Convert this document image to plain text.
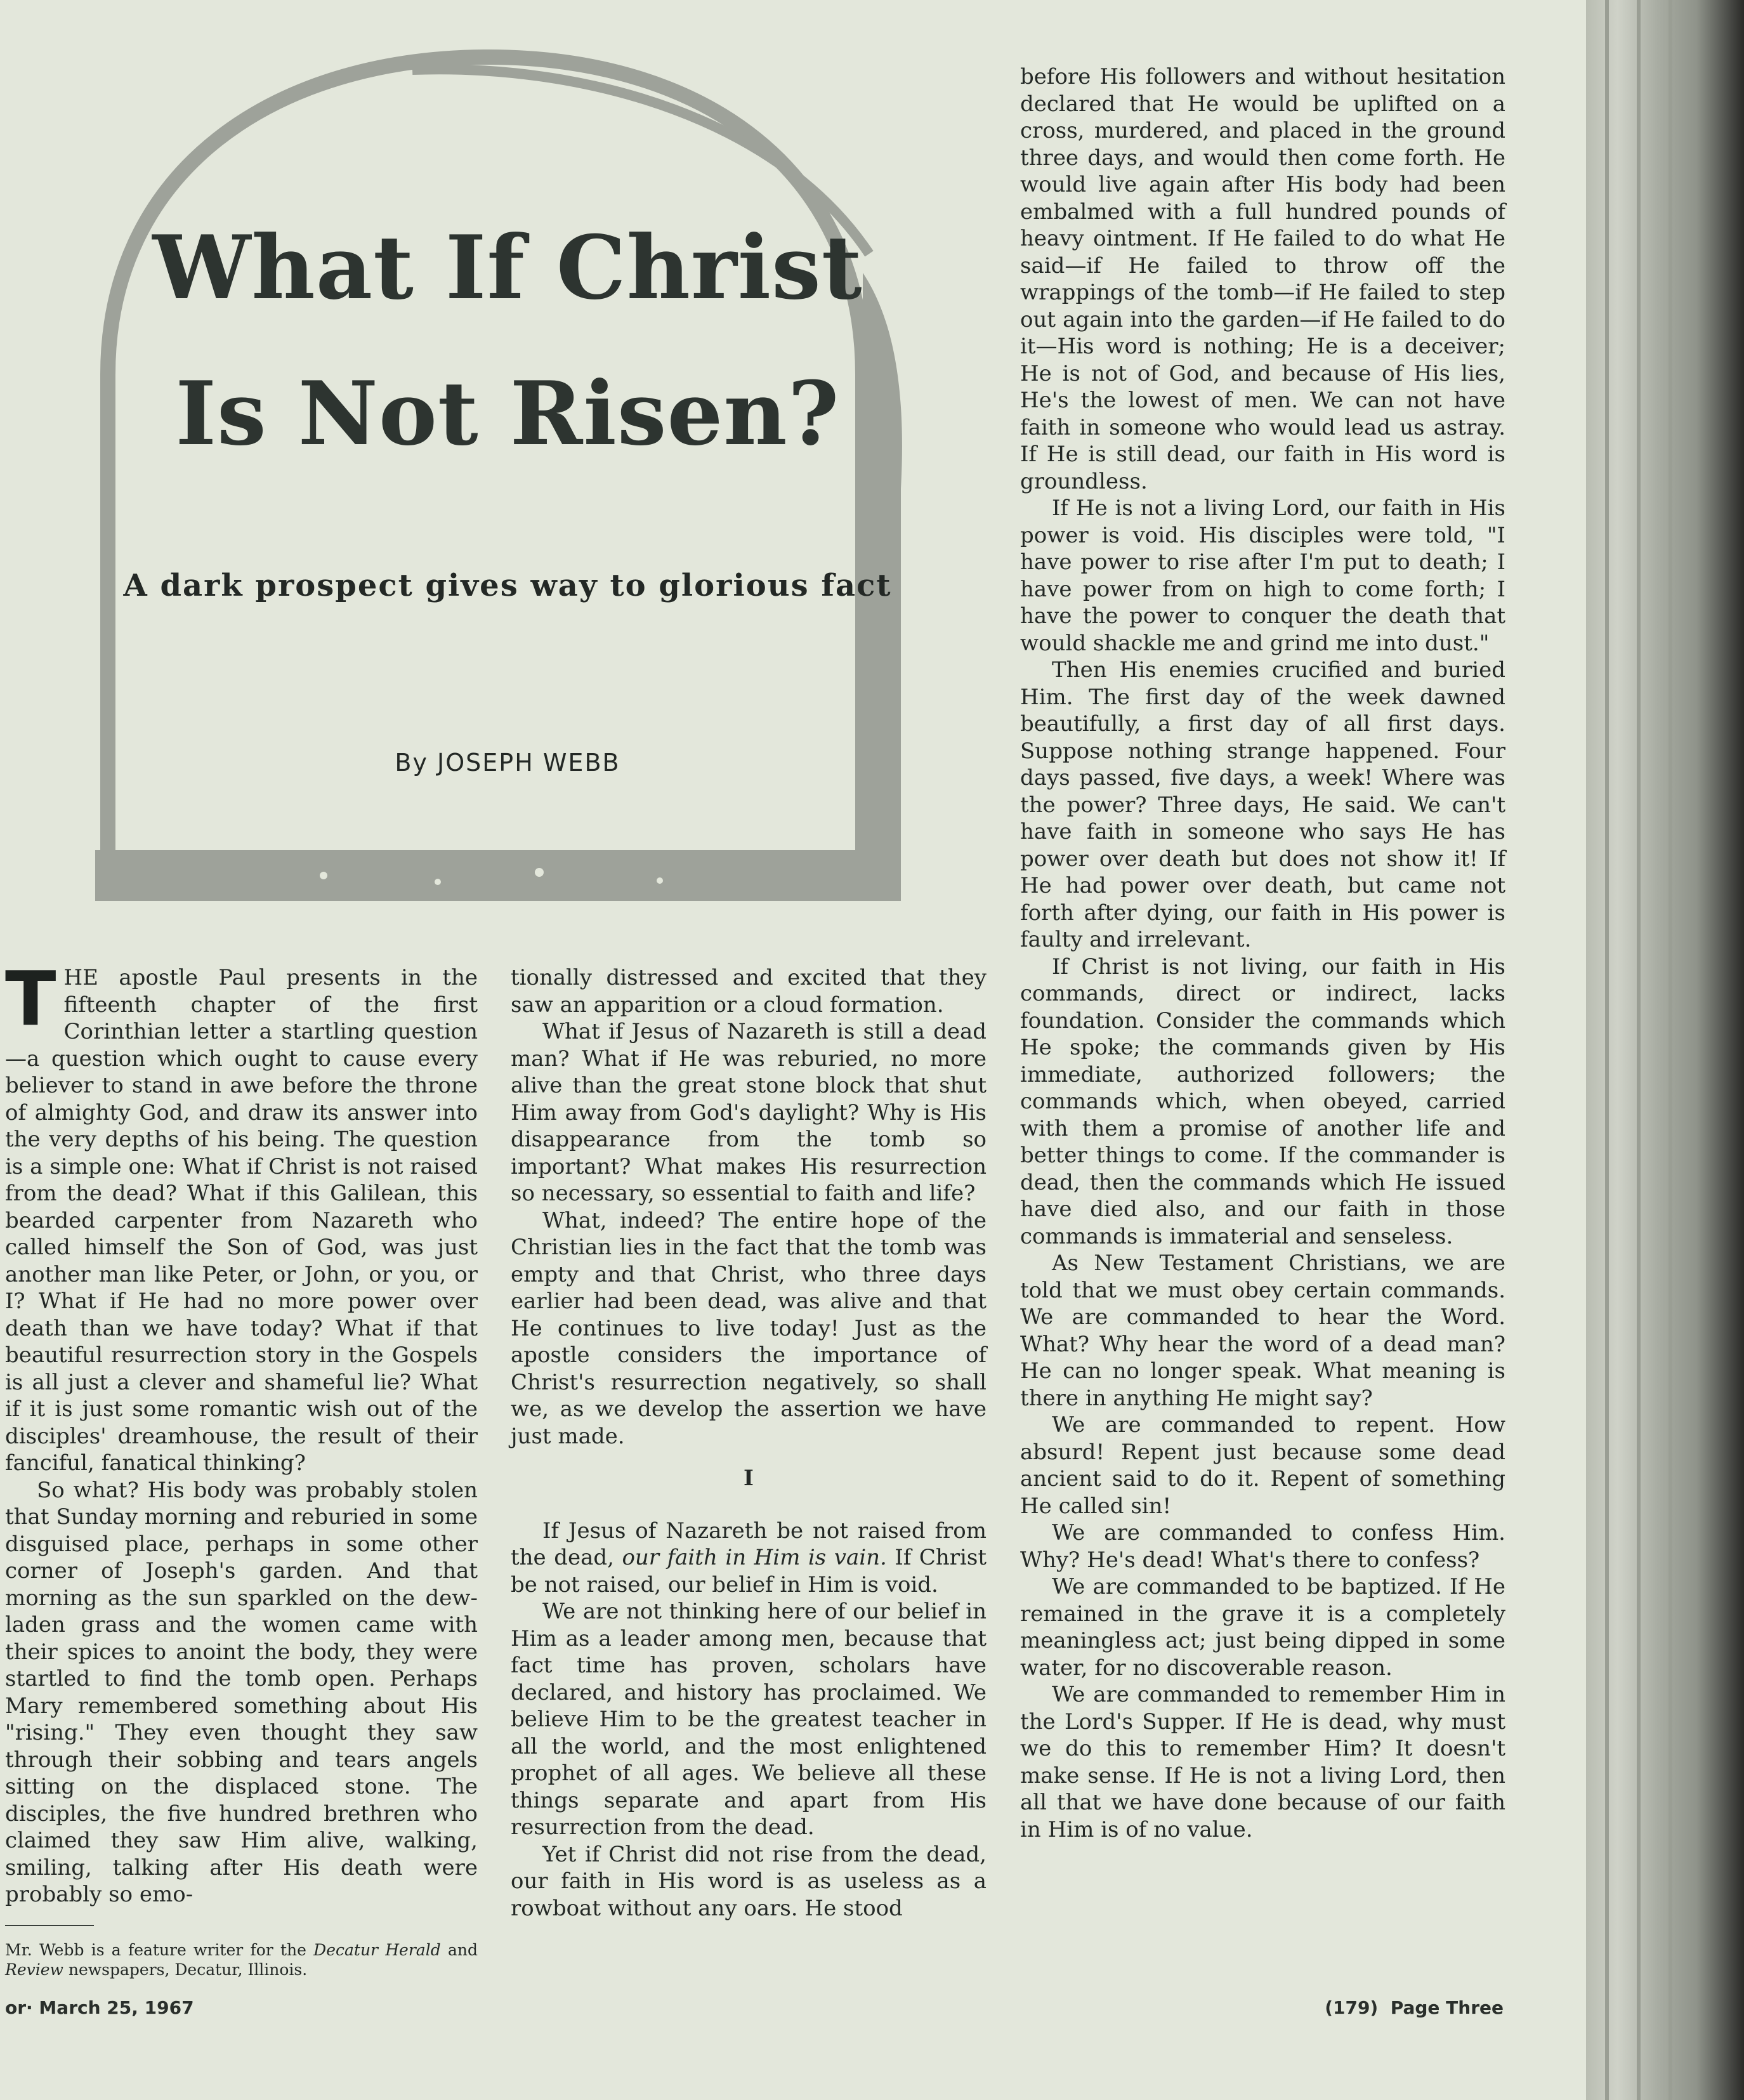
What If Christ
Is Not Risen?
A dark prospect gives way to glorious fact
By JOSEPH WEBB

THE apostle Paul presents in the fifteenth chapter of the first Corinthian letter a startling question—a question which ought to cause every believer to stand in awe before the throne of almighty God, and draw its answer into the very depths of his being. The question is a simple one: What if Christ is not raised from the dead? What if this Galilean, this bearded carpenter from Nazareth who called himself the Son of God, was just another man like Peter, or John, or you, or I? What if He had no more power over death than we have today? What if that beautiful resurrection story in the Gospels is all just a clever and shameful lie? What if it is just some romantic wish out of the disciples' dreamhouse, the result of their fanciful, fanatical thinking?

So what? His body was probably stolen that Sunday morning and reburied in some disguised place, perhaps in some other corner of Joseph's garden. And that morning as the sun sparkled on the dew-laden grass and the women came with their spices to anoint the body, they were startled to find the tomb open. Perhaps Mary remembered something about His "rising." They even thought they saw through their sobbing and tears angels sitting on the displaced stone. The disciples, the five hundred brethren who claimed they saw Him alive, walking, smiling, talking after His death were probably so emo-

Mr. Webb is a feature writer for the Decatur Herald and Review newspapers, Decatur, Illinois.

tionally distressed and excited that they saw an apparition or a cloud formation.

What if Jesus of Nazareth is still a dead man? What if He was reburied, no more alive than the great stone block that shut Him away from God's daylight? Why is His disappearance from the tomb so important? What makes His resurrection so necessary, so essential to faith and life?

What, indeed? The entire hope of the Christian lies in the fact that the tomb was empty and that Christ, who three days earlier had been dead, was alive and that He continues to live today! Just as the apostle considers the importance of Christ's resurrection negatively, so shall we, as we develop the assertion we have just made.

I

If Jesus of Nazareth be not raised from the dead, our faith in Him is vain. If Christ be not raised, our belief in Him is void.

We are not thinking here of our belief in Him as a leader among men, because that fact time has proven, scholars have declared, and history has proclaimed. We believe Him to be the greatest teacher in all the world, and the most enlightened prophet of all ages. We believe all these things separate and apart from His resurrection from the dead.

Yet if Christ did not rise from the dead, our faith in His word is as useless as a rowboat without any oars. He stood

before His followers and without hesitation declared that He would be uplifted on a cross, murdered, and placed in the ground three days, and would then come forth. He would live again after His body had been embalmed with a full hundred pounds of heavy ointment. If He failed to do what He said—if He failed to throw off the wrappings of the tomb—if He failed to step out again into the garden—if He failed to do it—His word is nothing; He is a deceiver; He is not of God, and because of His lies, He's the lowest of men. We can not have faith in someone who would lead us astray. If He is still dead, our faith in His word is groundless.

If He is not a living Lord, our faith in His power is void. His disciples were told, "I have power to rise after I'm put to death; I have power from on high to come forth; I have the power to conquer the death that would shackle me and grind me into dust."

Then His enemies crucified and buried Him. The first day of the week dawned beautifully, a first day of all first days. Suppose nothing strange happened. Four days passed, five days, a week! Where was the power? Three days, He said. We can't have faith in someone who says He has power over death but does not show it! If He had power over death, but came not forth after dying, our faith in His power is faulty and irrelevant.

If Christ is not living, our faith in His commands, direct or indirect, lacks foundation. Consider the commands which He spoke; the commands given by His immediate, authorized followers; the commands which, when obeyed, carried with them a promise of another life and better things to come. If the commander is dead, then the commands which He issued have died also, and our faith in those commands is immaterial and senseless.

As New Testament Christians, we are told that we must obey certain commands. We are commanded to hear the Word. What? Why hear the word of a dead man? He can no longer speak. What meaning is there in anything He might say?

We are commanded to repent. How absurd! Repent just because some dead ancient said to do it. Repent of something He called sin!

We are commanded to confess Him. Why? He's dead! What's there to confess?

We are commanded to be baptized. If He remained in the grave it is a completely meaningless act; just being dipped in some water, for no discoverable reason.

We are commanded to remember Him in the Lord's Supper. If He is dead, why must we do this to remember Him? It doesn't make sense. If He is not a living Lord, then all that we have done because of our faith in Him is of no value.

or· March 25, 1967	(179)  Page Three
